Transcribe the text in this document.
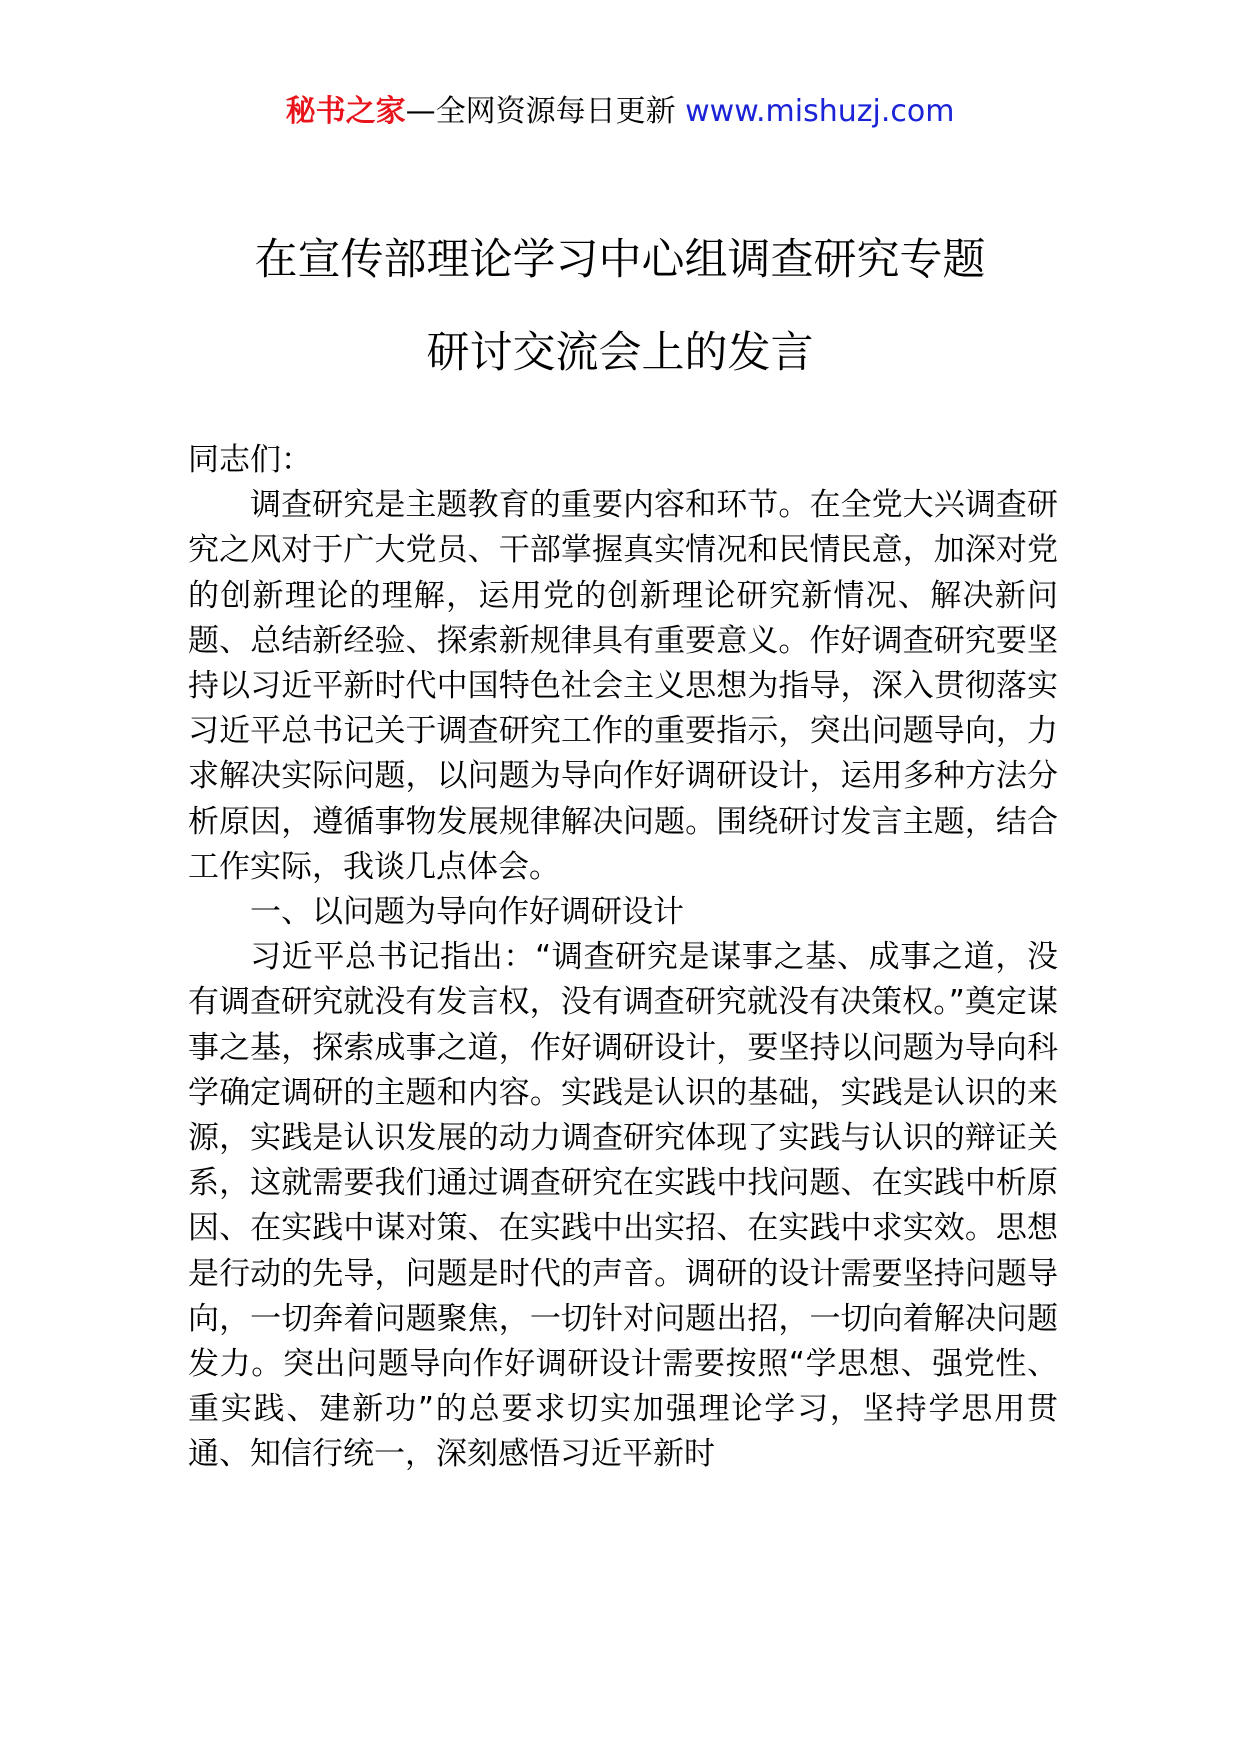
秘书之家—全网资源每日更新 www.mishuzj.com
在宣传部理论学习中心组调查研究专题
研讨交流会上的发言

同志们：

调查研究是主题教育的重要内容和环节。在全党大兴调查研究之风对于广大党员、干部掌握真实情况和民情民意，加深对党的创新理论的理解，运用党的创新理论研究新情况、解决新问题、总结新经验、探索新规律具有重要意义。作好调查研究要坚持以习近平新时代中国特色社会主义思想为指导，深入贯彻落实习近平总书记关于调查研究工作的重要指示，突出问题导向，力求解决实际问题，以问题为导向作好调研设计，运用多种方法分析原因，遵循事物发展规律解决问题。围绕研讨发言主题，结合工作实际，我谈几点体会。

一、以问题为导向作好调研设计

习近平总书记指出：“调查研究是谋事之基、成事之道，没有调查研究就没有发言权，没有调查研究就没有决策权。”奠定谋事之基，探索成事之道，作好调研设计，要坚持以问题为导向科学确定调研的主题和内容。实践是认识的基础，实践是认识的来源，实践是认识发展的动力调查研究体现了实践与认识的辩证关系，这就需要我们通过调查研究在实践中找问题、在实践中析原因、在实践中谋对策、在实践中出实招、在实践中求实效。思想是行动的先导，问题是时代的声音。调研的设计需要坚持问题导向，一切奔着问题聚焦，一切针对问题出招，一切向着解决问题发力。突出问题导向作好调研设计需要按照“学思想、强党性、重实践、建新功”的总要求切实加强理论学习，坚持学思用贯通、知信行统一，深刻感悟习近平新时
